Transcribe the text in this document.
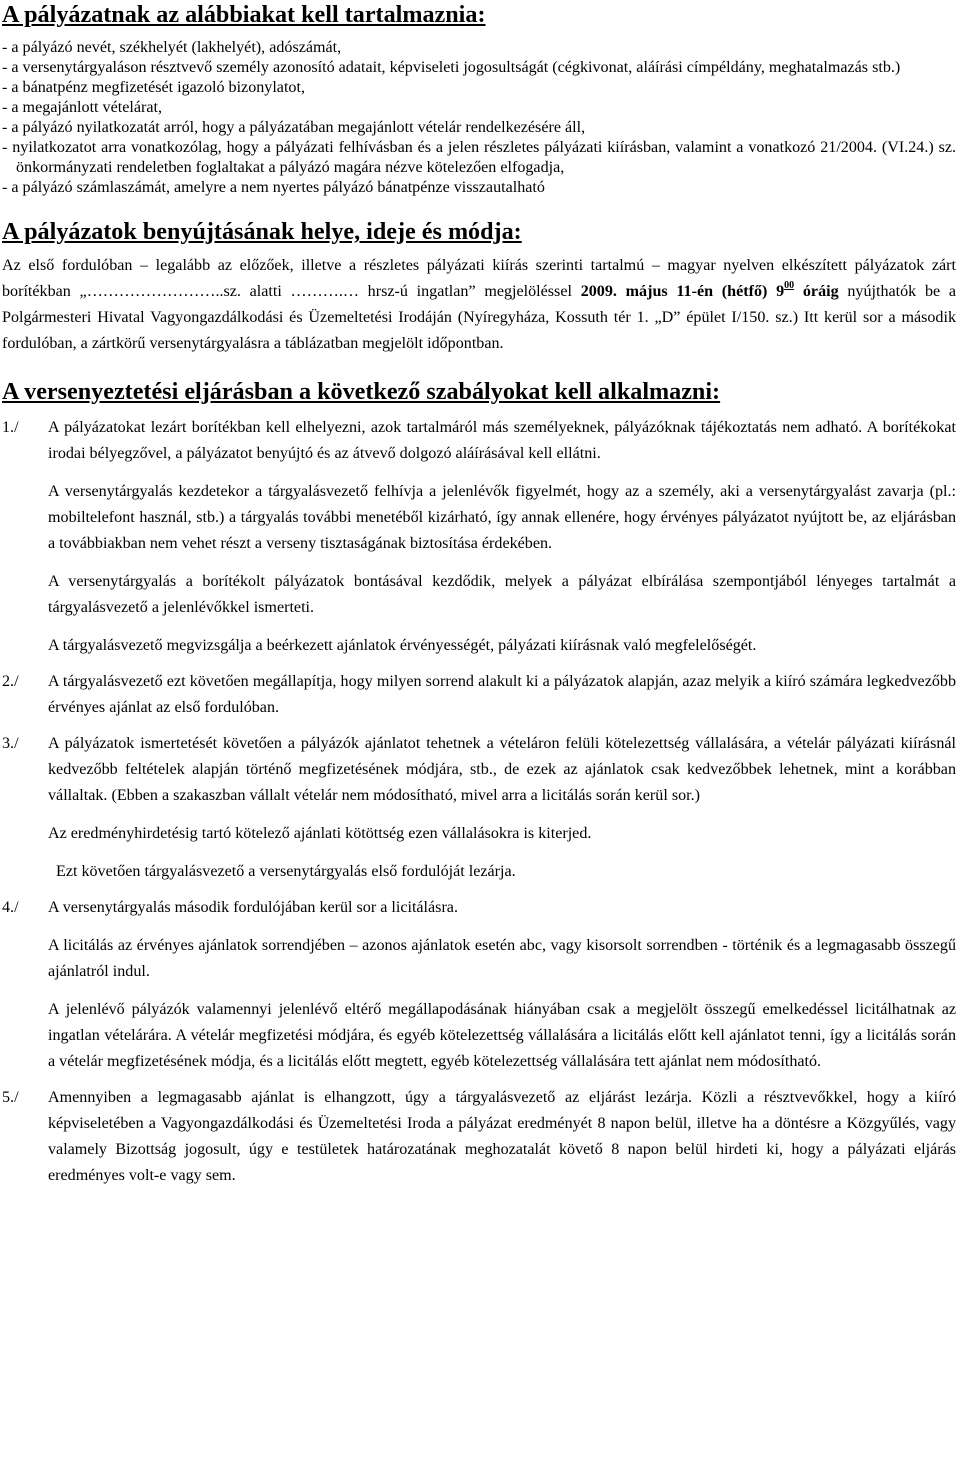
A pályázatnak az alábbiakat kell tartalmaznia:

- a pályázó nevét, székhelyét (lakhelyét), adószámát,

- a versenytárgyaláson résztvevő személy azonosító adatait, képviseleti jogosultságát (cégkivonat, aláírási címpéldány, meghatalmazás stb.)

- a bánatpénz megfizetését igazoló bizonylatot,

- a megajánlott vételárat,

- a pályázó nyilatkozatát arról, hogy a pályázatában megajánlott vételár rendelkezésére áll,

- nyilatkozatot arra vonatkozólag, hogy a pályázati felhívásban és a jelen részletes pályázati kiírásban, valamint a vonatkozó 21/2004. (VI.24.) sz. önkormányzati rendeletben foglaltakat a pályázó magára nézve kötelezően elfogadja,

- a pályázó számlaszámát, amelyre a nem nyertes pályázó bánatpénze visszautalható

A pályázatok benyújtásának helye, ideje és módja:

Az első fordulóban – legalább az előzőek, illetve a részletes pályázati kiírás szerinti tartalmú – magyar nyelven elkészített pályázatok zárt borítékban „……………………..sz. alatti ……….… hrsz-ú ingatlan” megjelöléssel 2009. május 11-én (hétfő) $9^{00}$ óráig nyújthatók be a Polgármesteri Hivatal Vagyongazdálkodási és Üzemeltetési Irodáján (Nyíregyháza, Kossuth tér 1. „D” épület I/150. sz.) Itt kerül sor a második fordulóban, a zártkörű versenytárgyalásra a táblázatban megjelölt időpontban.

A versenyeztetési eljárásban a következő szabályokat kell alkalmazni:
1./	A pályázatokat lezárt borítékban kell elhelyezni, azok tartalmáról más személyeknek, pályázóknak tájékoztatás nem adható. A borítékokat irodai bélyegzővel, a pályázatot benyújtó és az átvevő dolgozó aláírásával kell ellátni.

A versenytárgyalás kezdetekor a tárgyalásvezető felhívja a jelenlévők figyelmét, hogy az a személy, aki a versenytárgyalást zavarja (pl.: mobiltelefont használ, stb.) a tárgyalás további menetéből kizárható, így annak ellenére, hogy érvényes pályázatot nyújtott be, az eljárásban a továbbiakban nem vehet részt a verseny tisztaságának biztosítása érdekében.

A versenytárgyalás a borítékolt pályázatok bontásával kezdődik, melyek a pályázat elbírálása szempontjából lényeges tartalmát a tárgyalásvezető a jelenlévőkkel ismerteti.

A tárgyalásvezető megvizsgálja a beérkezett ajánlatok érvényességét, pályázati kiírásnak való megfelelőségét.

2./	A tárgyalásvezető ezt követően megállapítja, hogy milyen sorrend alakult ki a pályázatok alapján, azaz melyik a kiíró számára legkedvezőbb érvényes ajánlat az első fordulóban.

3./	A pályázatok ismertetését követően a pályázók ajánlatot tehetnek a vételáron felüli kötelezettség vállalására, a vételár pályázati kiírásnál kedvezőbb feltételek alapján történő megfizetésének módjára, stb., de ezek az ajánlatok csak kedvezőbbek lehetnek, mint a korábban vállaltak. (Ebben a szakaszban vállalt vételár nem módosítható, mivel arra a licitálás során kerül sor.)

Az eredményhirdetésig tartó kötelező ajánlati kötöttség ezen vállalásokra is kiterjed.

Ezt követően tárgyalásvezető a versenytárgyalás első fordulóját lezárja.

4./	A versenytárgyalás második fordulójában kerül sor a licitálásra.

A licitálás az érvényes ajánlatok sorrendjében – azonos ajánlatok esetén abc, vagy kisorsolt sorrendben - történik és a legmagasabb összegű ajánlatról indul.

A jelenlévő pályázók valamennyi jelenlévő eltérő megállapodásának hiányában csak a megjelölt összegű emelkedéssel licitálhatnak az ingatlan vételárára. A vételár megfizetési módjára, és egyéb kötelezettség vállalására a licitálás előtt kell ajánlatot tenni, így a licitálás során a vételár megfizetésének módja, és a licitálás előtt megtett, egyéb kötelezettség vállalására tett ajánlat nem módosítható.

5./	Amennyiben a legmagasabb ajánlat is elhangzott, úgy a tárgyalásvezető az eljárást lezárja. Közli a résztvevőkkel, hogy a kiíró képviseletében a Vagyongazdálkodási és Üzemeltetési Iroda a pályázat eredményét 8 napon belül, illetve ha a döntésre a Közgyűlés, vagy valamely Bizottság jogosult, úgy e testületek határozatának meghozatalát követő 8 napon belül hirdeti ki, hogy a pályázati eljárás eredményes volt-e vagy sem.
